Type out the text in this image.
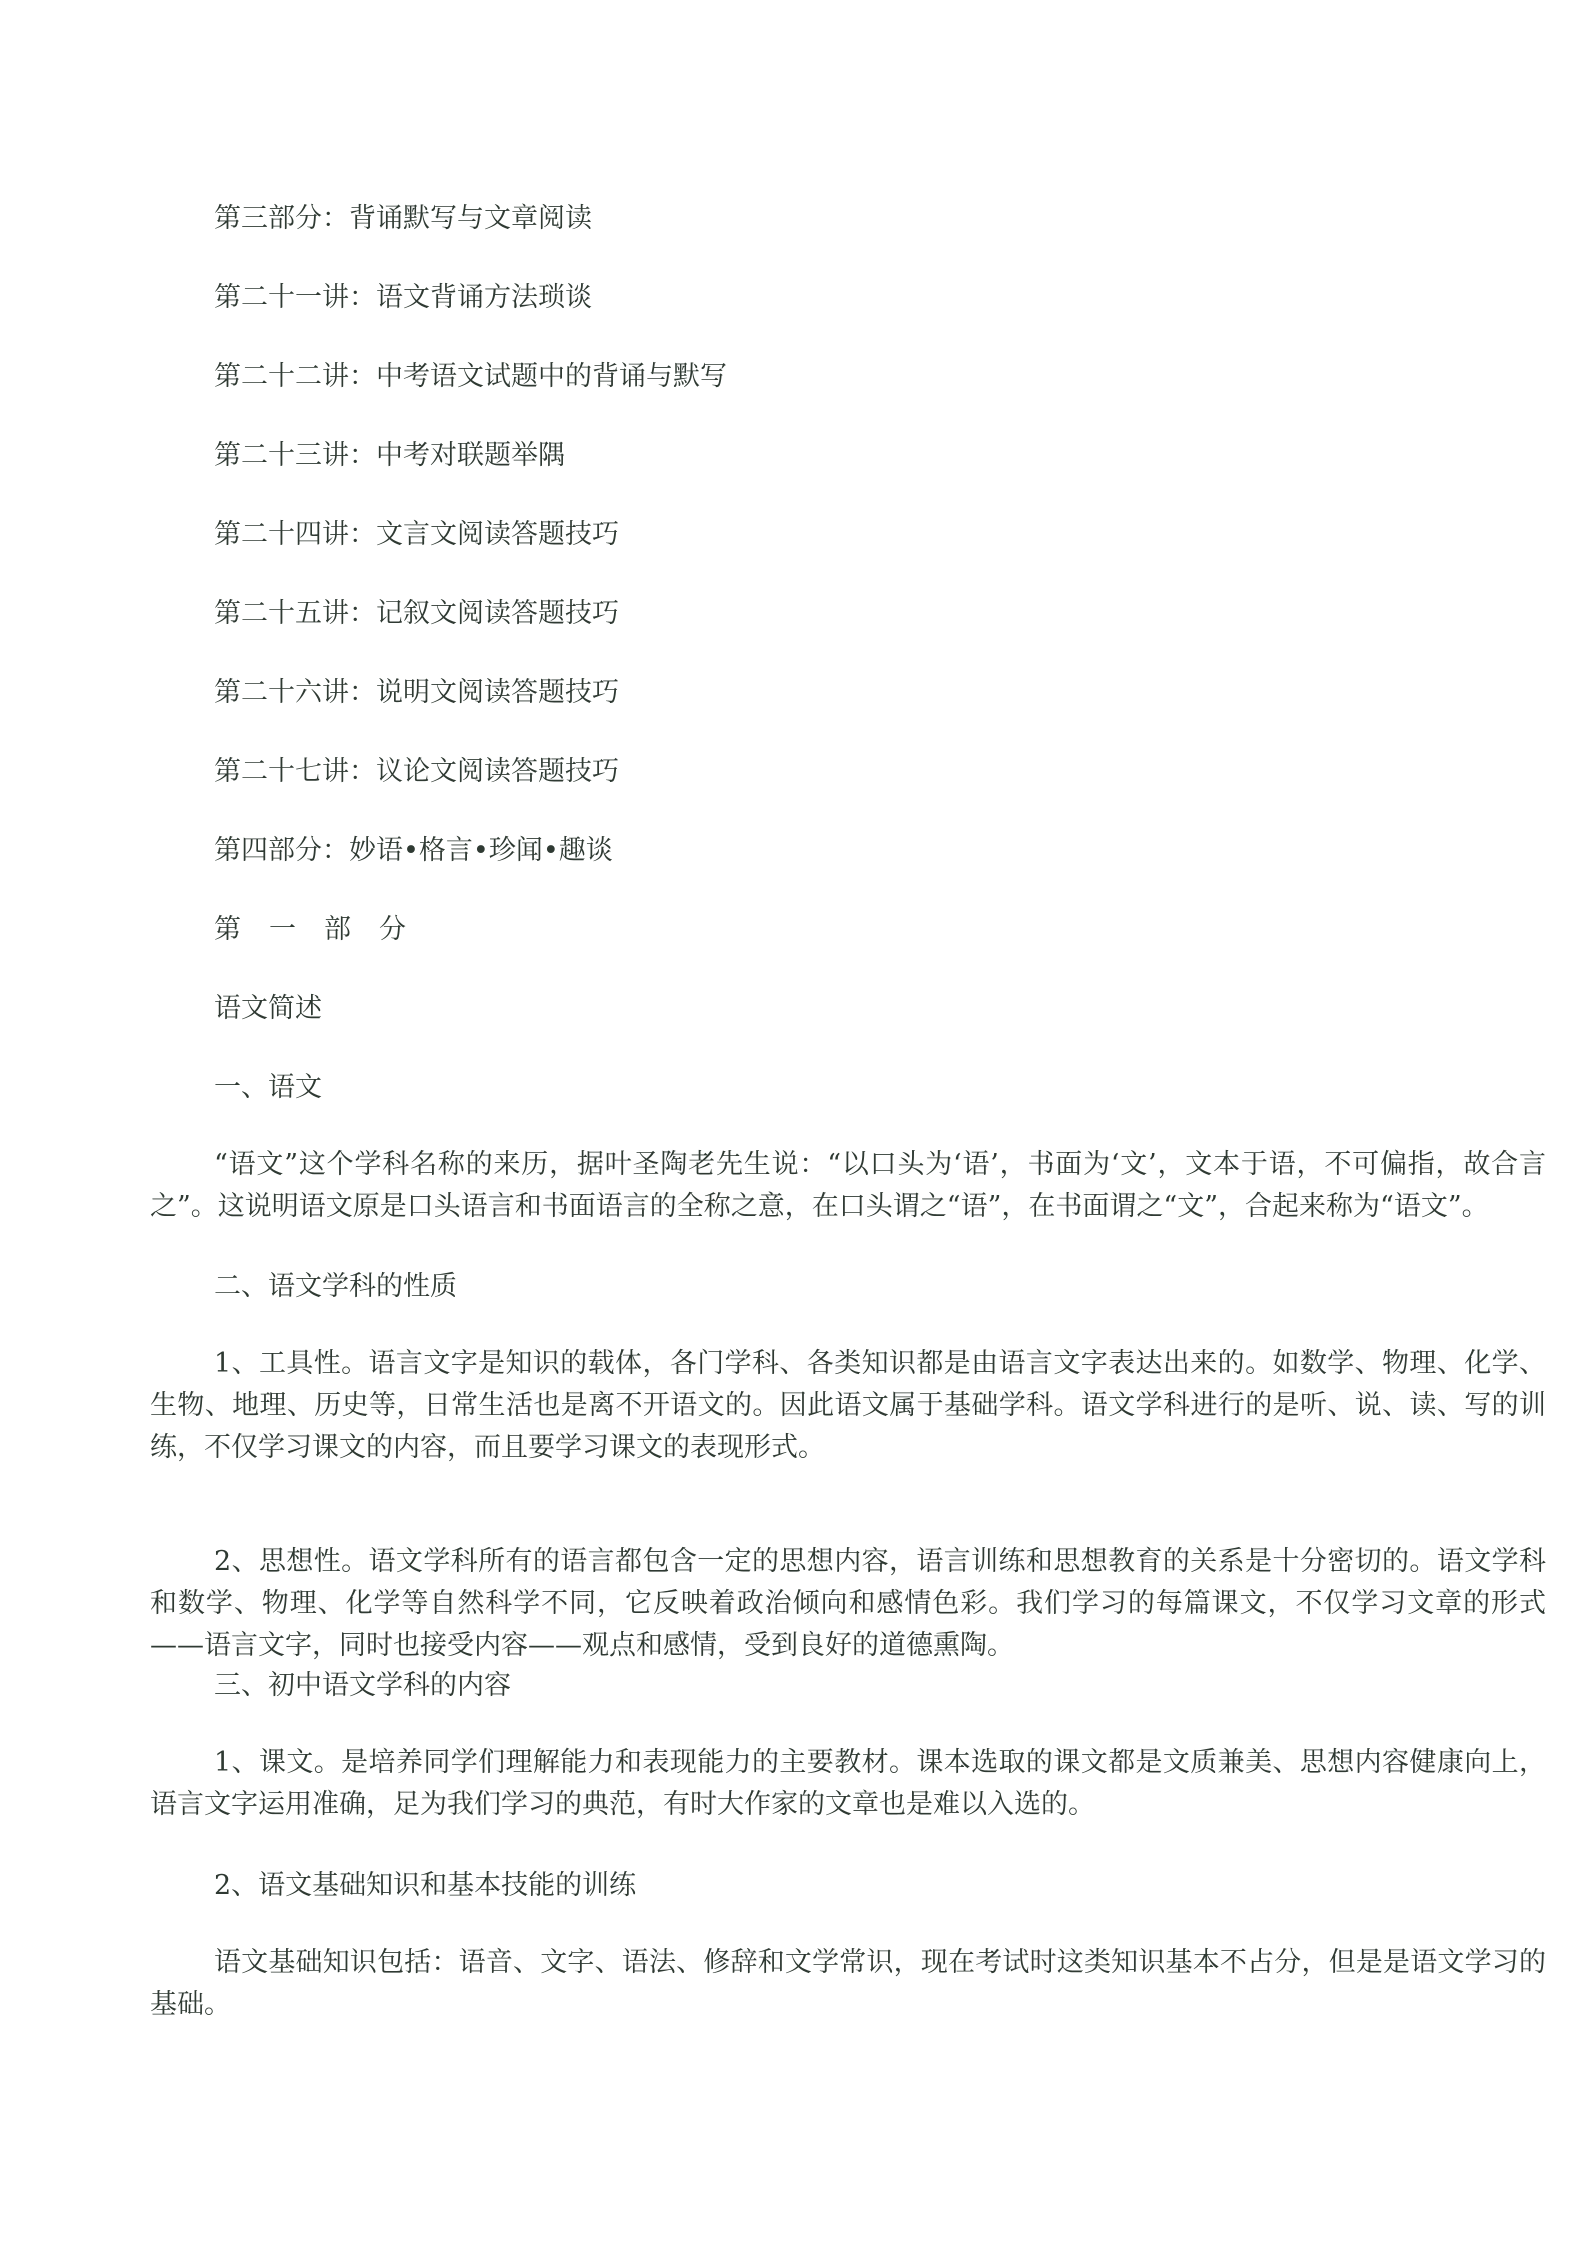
第三部分：背诵默写与文章阅读
第二十一讲：语文背诵方法琐谈
第二十二讲：中考语文试题中的背诵与默写
第二十三讲：中考对联题举隅
第二十四讲：文言文阅读答题技巧
第二十五讲：记叙文阅读答题技巧
第二十六讲：说明文阅读答题技巧
第二十七讲：议论文阅读答题技巧
第四部分：妙语•格言•珍闻•趣谈
第一部分
语文简述
一、语文

“语文”这个学科名称的来历，据叶圣陶老先生说：“以口头为‘语’，书面为‘文’，文本于语，不可偏指，故合言之”。这说明语文原是口头语言和书面语言的全称之意，在口头谓之“语”，在书面谓之“文”，合起来称为“语文”。

二、语文学科的性质

1、工具性。语言文字是知识的载体，各门学科、各类知识都是由语言文字表达出来的。如数学、物理、化学、生物、地理、历史等，日常生活也是离不开语文的。因此语文属于基础学科。语文学科进行的是听、说、读、写的训练，不仅学习课文的内容，而且要学习课文的表现形式。

2、思想性。语文学科所有的语言都包含一定的思想内容，语言训练和思想教育的关系是十分密切的。语文学科和数学、物理、化学等自然科学不同，它反映着政治倾向和感情色彩。我们学习的每篇课文，不仅学习文章的形式——语言文字，同时也接受内容——观点和感情，受到良好的道德熏陶。

三、初中语文学科的内容

1、课文。是培养同学们理解能力和表现能力的主要教材。课本选取的课文都是文质兼美、思想内容健康向上，语言文字运用准确，足为我们学习的典范，有时大作家的文章也是难以入选的。

2、语文基础知识和基本技能的训练

语文基础知识包括：语音、文字、语法、修辞和文学常识，现在考试时这类知识基本不占分，但是是语文学习的基础。
